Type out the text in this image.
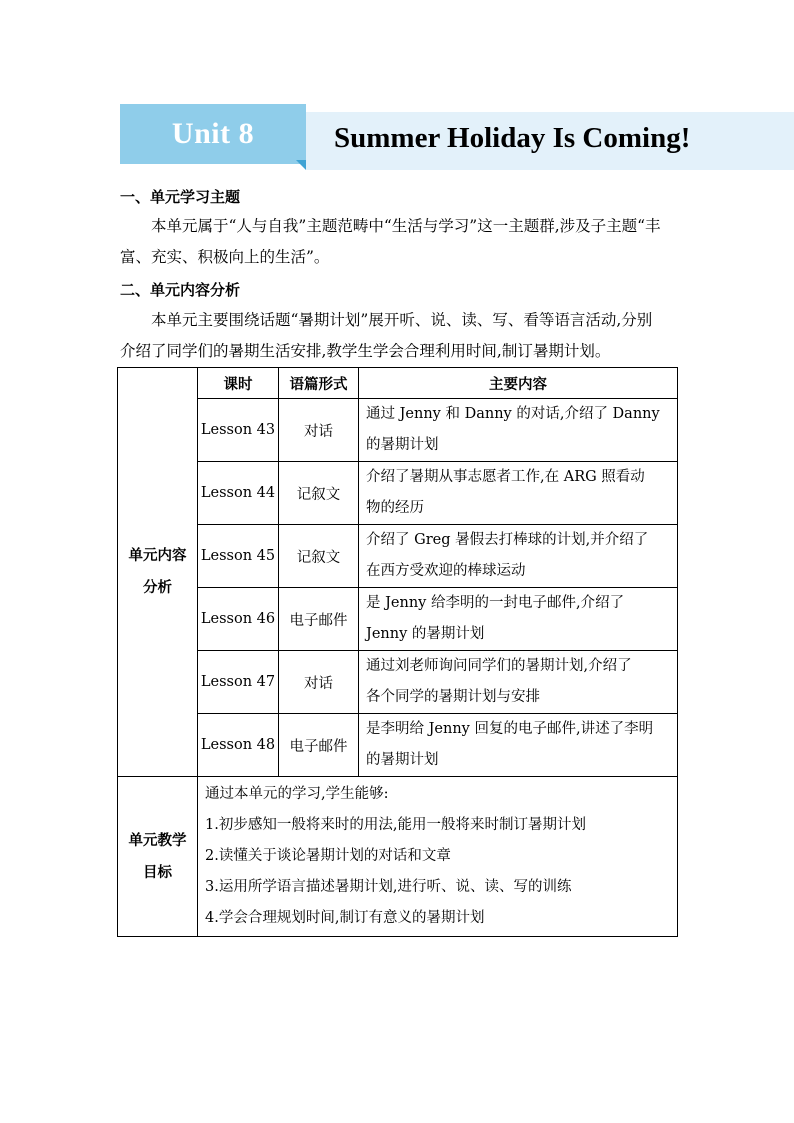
Unit 8	Summer Holiday Is Coming!
一、单元学习主题
本单元属于“人与自我”主题范畴中“生活与学习”这一主题群,涉及子主题“丰
富、充实、积极向上的生活”。
二、单元内容分析
本单元主要围绕话题“暑期计划”展开听、说、读、写、看等语言活动,分别
介绍了同学们的暑期生活安排,教学生学会合理利用时间,制订暑期计划。
单元内容
分析	课时	语篇形式	主要内容
	Lesson 43	对话	通过 Jenny 和 Danny 的对话,介绍了 Danny
的暑期计划

	Lesson 44	记叙文	介绍了暑期从事志愿者工作,在 ARG 照看动
物的经历

	Lesson 45	记叙文	介绍了 Greg 暑假去打棒球的计划,并介绍了
在西方受欢迎的棒球运动

	Lesson 46	电子邮件	是 Jenny 给李明的一封电子邮件,介绍了
Jenny 的暑期计划

	Lesson 47	对话	通过刘老师询问同学们的暑期计划,介绍了
各个同学的暑期计划与安排

	Lesson 48	电子邮件	是李明给 Jenny 回复的电子邮件,讲述了李明
的暑期计划

单元教学
目标	通过本单元的学习,学生能够:
1.初步感知一般将来时的用法,能用一般将来时制订暑期计划
2.读懂关于谈论暑期计划的对话和文章
3.运用所学语言描述暑期计划,进行听、说、读、写的训练
4.学会合理规划时间,制订有意义的暑期计划		
